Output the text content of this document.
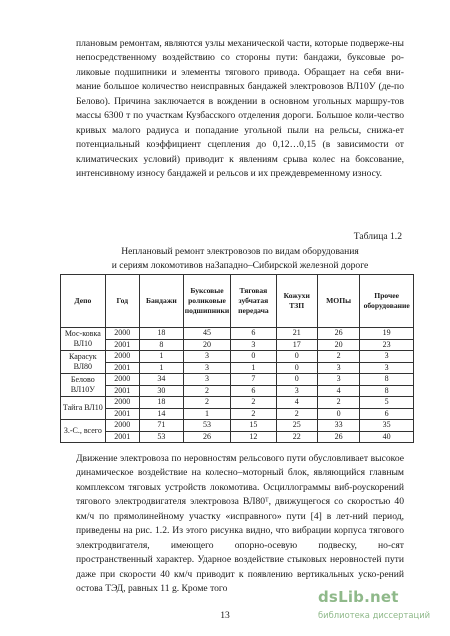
плановым ремонтам, являются узлы механической части, которые подверже-ны непосредственному воздействию со стороны пути: бандажи, буксовые ро-ликовые подшипники и элементы тягового привода. Обращает на себя вни-мание большое количество неисправных бандажей электровозов ВЛ10У (де-по Белово). Причина заключается в вождении в основном угольных маршру-тов массы 6300 т по участкам Кузбасского отделения дороги. Большое коли-чество кривых малого радиуса и попадание угольной пыли на рельсы, снижа-ет потенциальный коэффициент сцепления до 0,12…0,15 (в зависимости от климатических условий) приводит к явлениям срыва колес на боксование, интенсивному износу бандажей и рельсов и их преждевременному износу.

Таблица 1.2

Неплановый ремонт электровозов по видам оборудования

и сериям локомотивов наЗападно–Сибирской железной дороге

Депо	Год	Бандажи	Буксовые роликовые подшипники	Тяговая зубчатая передача	Кожухи ТЗП	МОПы	Прочее оборудование
Мос-ковка ВЛ10	2000	18	45	6	21	26	19
	2001	8	20	3	17	20	23
Карасук ВЛ80	2000	1	3	0	0	2	3
	2001	1	3	1	0	3	3
Белово ВЛ10У	2000	34	3	7	0	3	8
	2001	30	2	6	3	4	8
Тайга ВЛ10	2000	18	2	2	4	2	5
	2001	14	1	2	2	0	6
З.-С., всего	2000	71	53	15	25	33	35
	2001	53	26	12	22	26	40

Движение электровоза по неровностям рельсового пути обусловливает высокое динамическое воздействие на колесно–моторный блок, являющийся главным комплексом тяговых устройств локомотива. Осциллограммы виб-роускорений тягового электродвигателя электровоза ВЛ80ᵀ, движущегося со скоростью 40 км/ч по прямолинейному участку «исправного» пути [4] в лет-ний период, приведены на рис. 1.2. Из этого рисунка видно, что вибрации корпуса тягового электродвигателя, имеющего опорно-осевую подвеску, но-сят пространственный характер. Ударное воздействие стыковых неровностей пути даже при скорости 40 км/ч приводит к появлению вертикальных уско-рений остова ТЭД, равных 11 g. Кроме того

13

dsLib.net
библиотека диссертаций
